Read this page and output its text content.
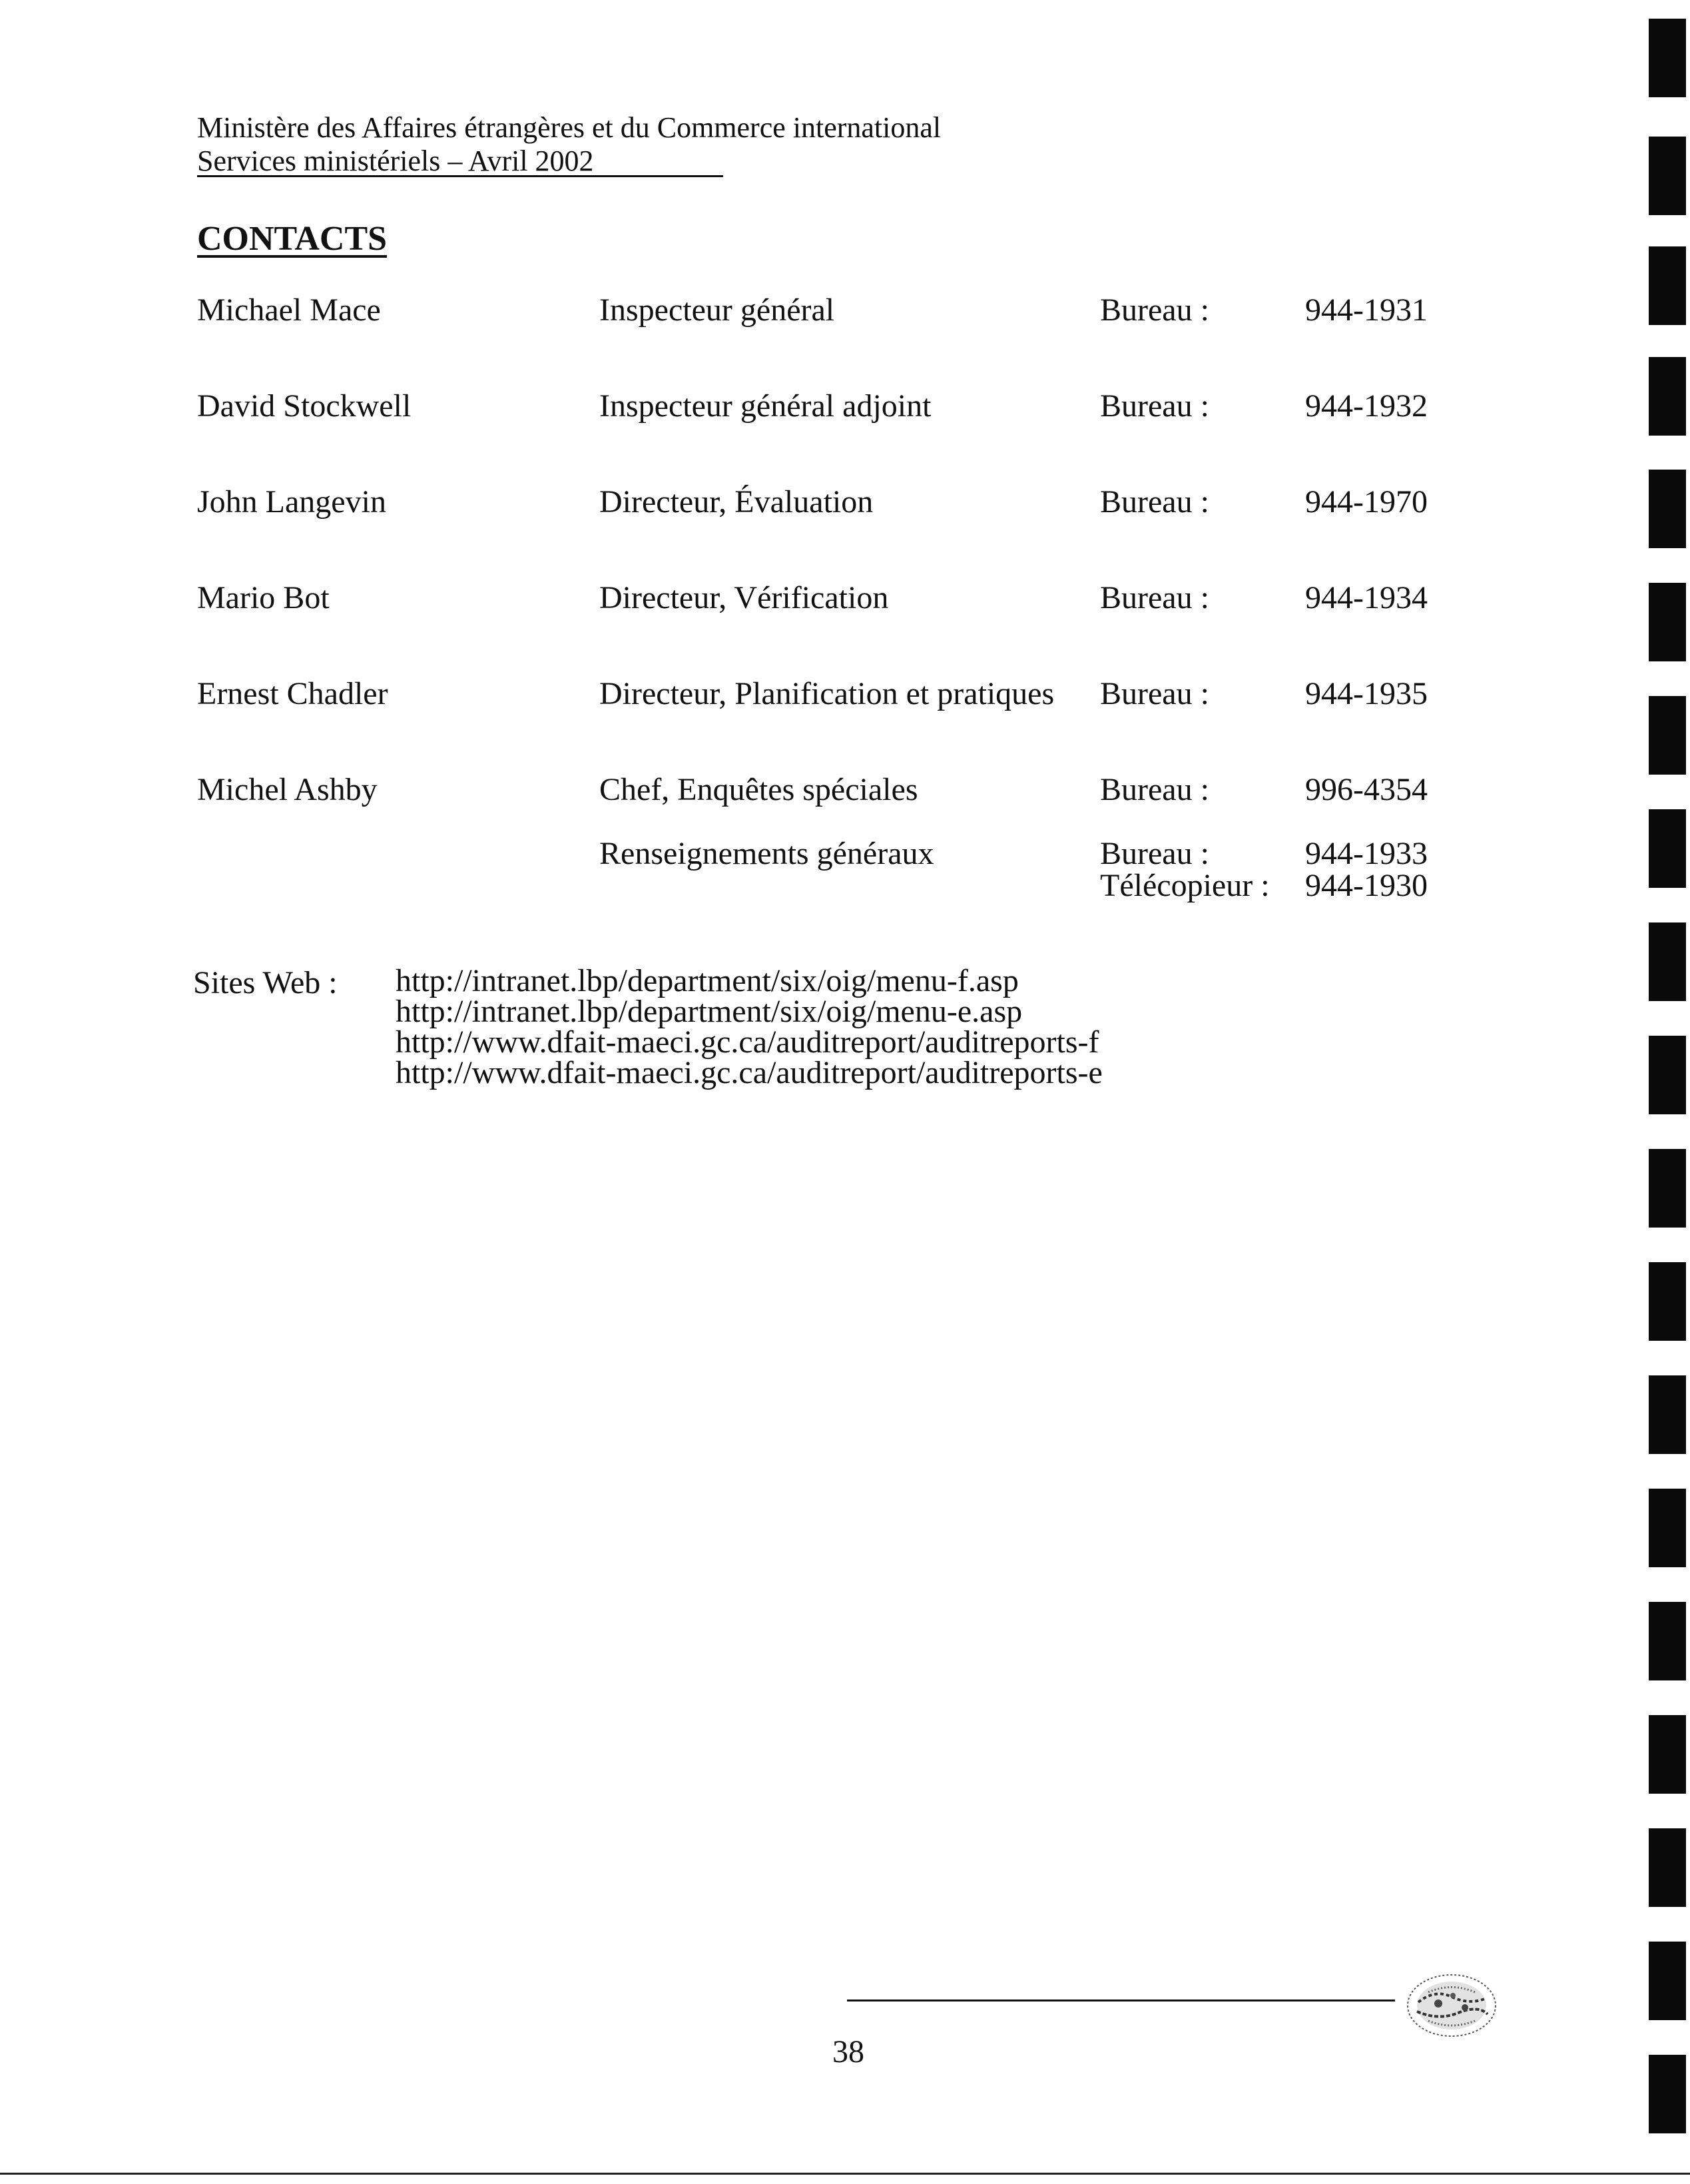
Ministère des Affaires étrangères et du Commerce international
Services ministériels – Avril 2002
CONTACTS
Michael Mace	Inspecteur général	Bureau :	944-1931
David Stockwell	Inspecteur général adjoint	Bureau :	944-1932
John Langevin	Directeur, Évaluation	Bureau :	944-1970
Mario Bot	Directeur, Vérification	Bureau :	944-1934
Ernest Chadler	Directeur, Planification et pratiques Bureau :	944-1935
Michel Ashby	Chef, Enquêtes spéciales	Bureau :	996-4354
Renseignements généraux	Bureau :	944-1933
Télécopieur : 944-1930
Sites Web : http://intranet.lbp/department/six/oig/menu-f.asp
http://intranet.lbp/department/six/oig/menu-e.asp
http://www.dfait-maeci.gc.ca/auditreport/auditreports-f
http://www.dfait-maeci.gc.ca/auditreport/auditreports-e
38
